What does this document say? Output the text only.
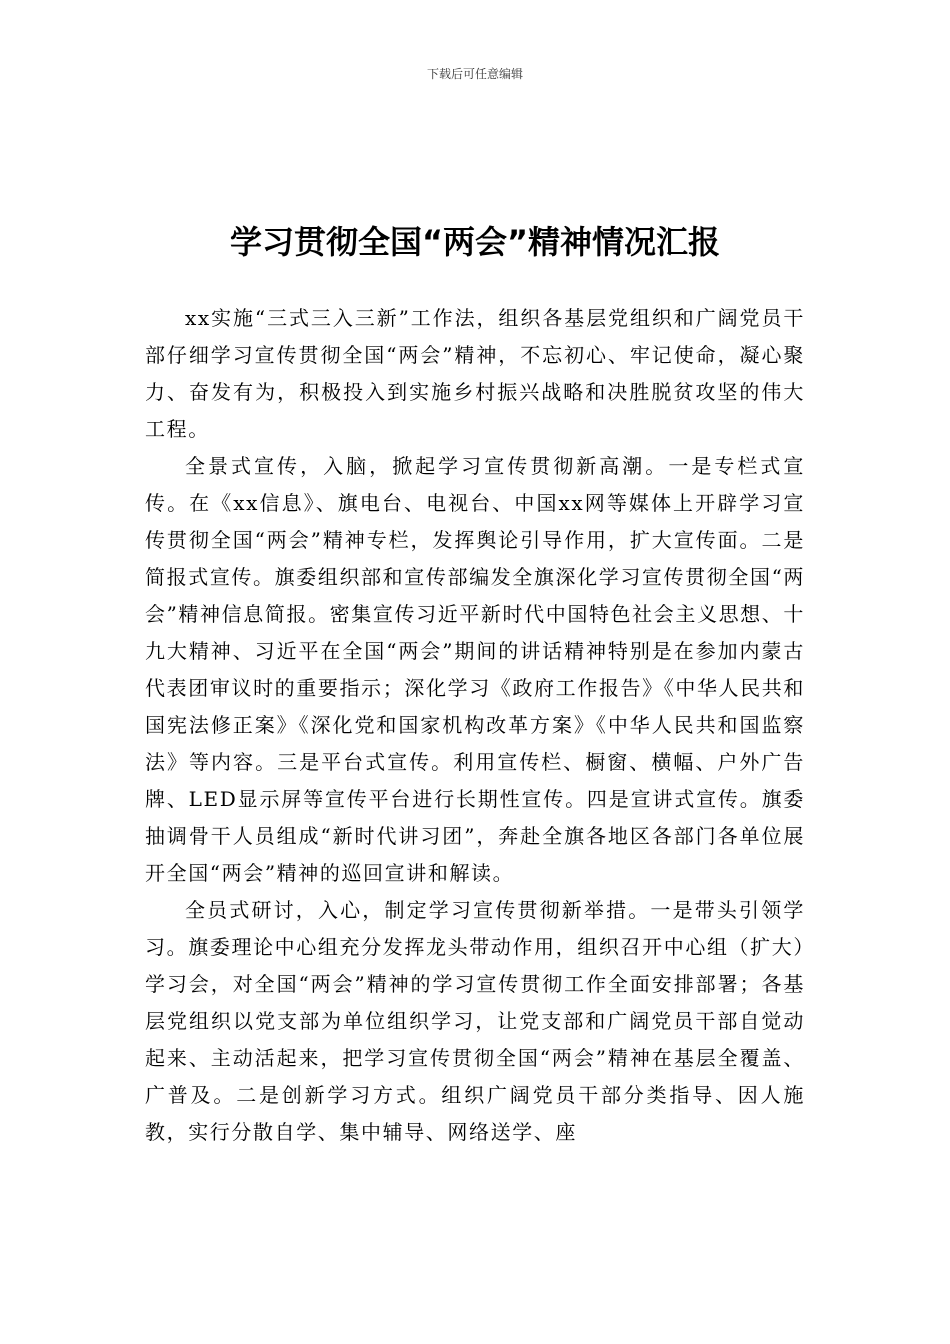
下载后可任意编辑
学习贯彻全国“两会”精神情况汇报

xx实施“三式三入三新”工作法，组织各基层党组织和广阔党员干部仔细学习宣传贯彻全国“两会”精神，不忘初心、牢记使命，凝心聚力、奋发有为，积极投入到实施乡村振兴战略和决胜脱贫攻坚的伟大工程。

全景式宣传，入脑，掀起学习宣传贯彻新高潮。一是专栏式宣传。在《xx信息》、旗电台、电视台、中国xx网等媒体上开辟学习宣传贯彻全国“两会”精神专栏，发挥舆论引导作用，扩大宣传面。二是简报式宣传。旗委组织部和宣传部编发全旗深化学习宣传贯彻全国“两会”精神信息简报。密集宣传习近平新时代中国特色社会主义思想、十九大精神、习近平在全国“两会”期间的讲话精神特别是在参加内蒙古代表团审议时的重要指示；深化学习《政府工作报告》《中华人民共和国宪法修正案》《深化党和国家机构改革方案》《中华人民共和国监察法》等内容。三是平台式宣传。利用宣传栏、橱窗、横幅、户外广告牌、LED显示屏等宣传平台进行长期性宣传。四是宣讲式宣传。旗委抽调骨干人员组成“新时代讲习团”，奔赴全旗各地区各部门各单位展开全国“两会”精神的巡回宣讲和解读。

全员式研讨，入心，制定学习宣传贯彻新举措。一是带头引领学习。旗委理论中心组充分发挥龙头带动作用，组织召开中心组（扩大）学习会，对全国“两会”精神的学习宣传贯彻工作全面安排部署；各基层党组织以党支部为单位组织学习，让党支部和广阔党员干部自觉动起来、主动活起来，把学习宣传贯彻全国“两会”精神在基层全覆盖、广普及。二是创新学习方式。组织广阔党员干部分类指导、因人施教，实行分散自学、集中辅导、网络送学、座
